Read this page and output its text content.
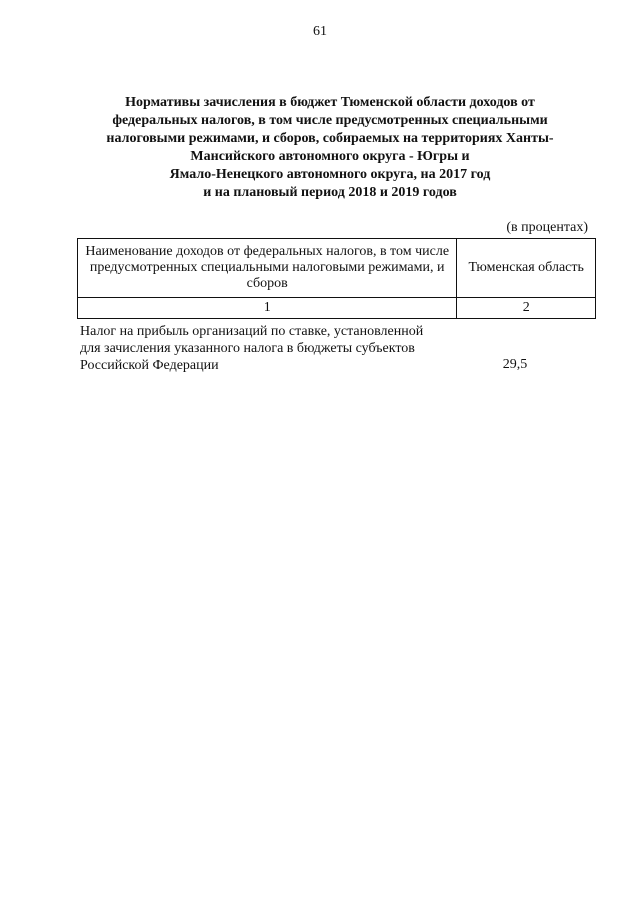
61
Нормативы зачисления в бюджет Тюменской области доходов от
федеральных налогов, в том числе предусмотренных специальными
налоговыми режимами, и сборов, собираемых на территориях Ханты-
Мансийского автономного округа - Югры и
Ямало-Ненецкого автономного округа, на 2017 год
и на плановый период 2018 и 2019 годов
(в процентах)
Наименование доходов от федеральных налогов, в том числе предусмотренных специальными налоговыми режимами, и сборов	Тюменская область
1	2
Налог на прибыль организаций по ставке, установленной
для зачисления указанного налога в бюджеты субъектов
Российской Федерации	29,5
